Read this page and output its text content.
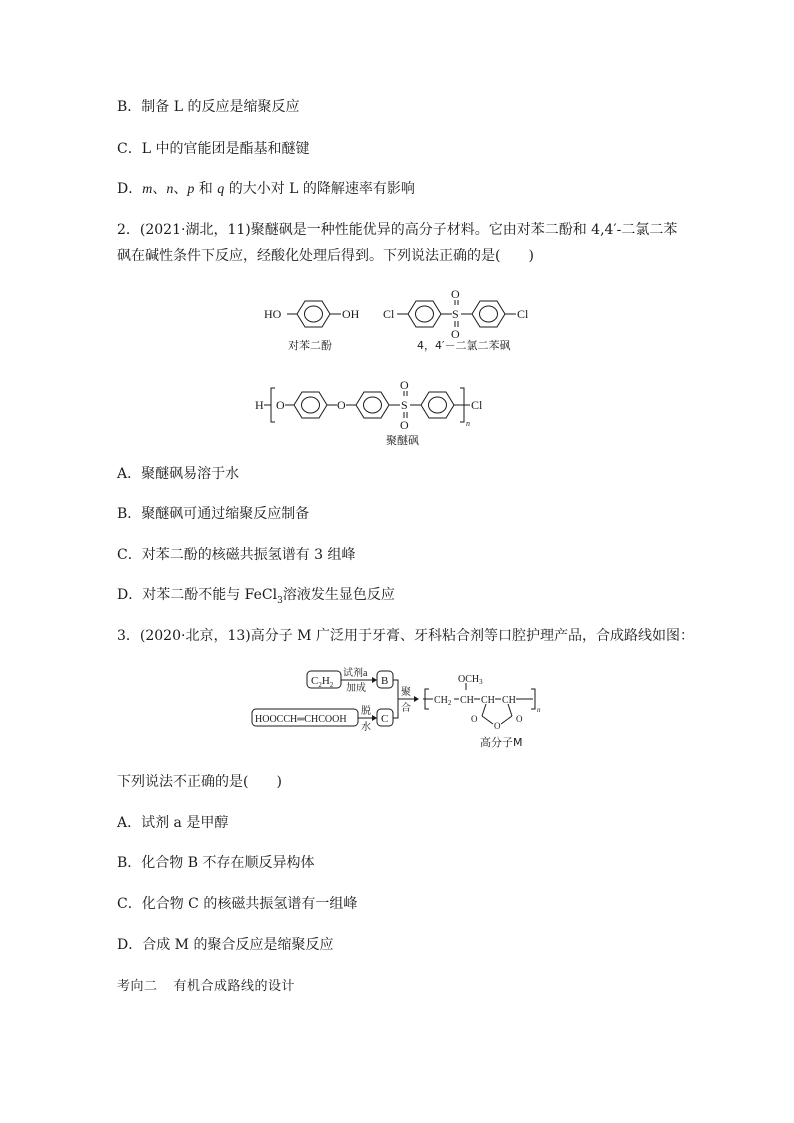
B．制备 L 的反应是缩聚反应
C．L 中的官能团是酯基和醚键
D．m、n、p 和 q 的大小对 L 的降解速率有影响
2．(2021·湖北，11)聚醚砜是一种性能优异的高分子材料。它由对苯二酚和 4,4′-二氯二苯
砜在碱性条件下反应，经酸化处理后得到。下列说法正确的是(　　)
HO	OH
对苯二酚
Cl	S
O
O
Cl
4，4′－二氯二苯砜
H O	O	S
O
O	n
Cl
聚醚砜
A．聚醚砜易溶于水
B．聚醚砜可通过缩聚反应制备
C．对苯二酚的核磁共振氢谱有 3 组峰
D．对苯二酚不能与 FeCl$_3$溶液发生显色反应
3．(2020·北京，13)高分子 M 广泛用于牙膏、牙科粘合剂等口腔护理产品，合成路线如图：
$C_2H_2$
试剂a
加成
B
HOOCCH═CHCOOH
脱
水
C
聚
合
$CH_2$ CH
$OCH_3$
CH CH
n
O
O	O
高分子M
下列说法不正确的是(　　)
A．试剂 a 是甲醇
B．化合物 B 不存在顺反异构体
C．化合物 C 的核磁共振氢谱有一组峰
D．合成 M 的聚合反应是缩聚反应
考向二 有机合成路线的设计
